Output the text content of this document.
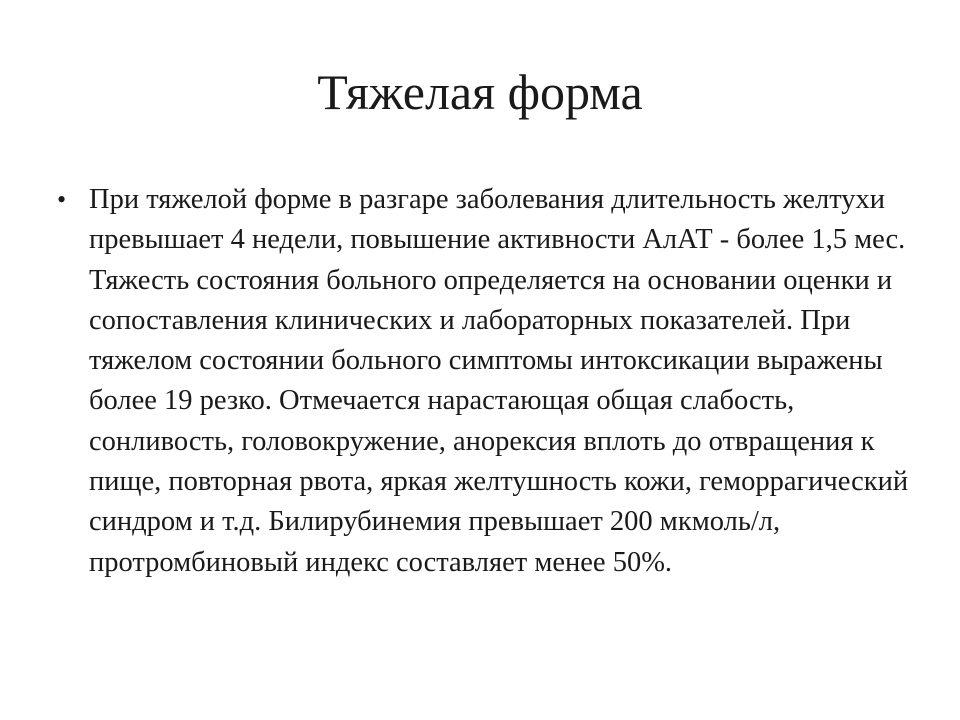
Тяжелая форма
• При тяжелой форме в разгаре заболевания длительность желтухи превышает 4 недели, повышение активности АлАТ - более 1,5 мес. Тяжесть состояния больного определяется на основании оценки и сопоставления клинических и лабораторных показателей. При тяжелом состоянии больного симптомы интоксикации выражены более 19 резко. Отмечается нарастающая общая слабость, сонливость, головокружение, анорексия вплоть до отвращения к пище, повторная рвота, яркая желтушность кожи, геморрагический синдром и т.д. Билирубинемия превышает 200 мкмоль/л, протромбиновый индекс составляет менее 50%.
